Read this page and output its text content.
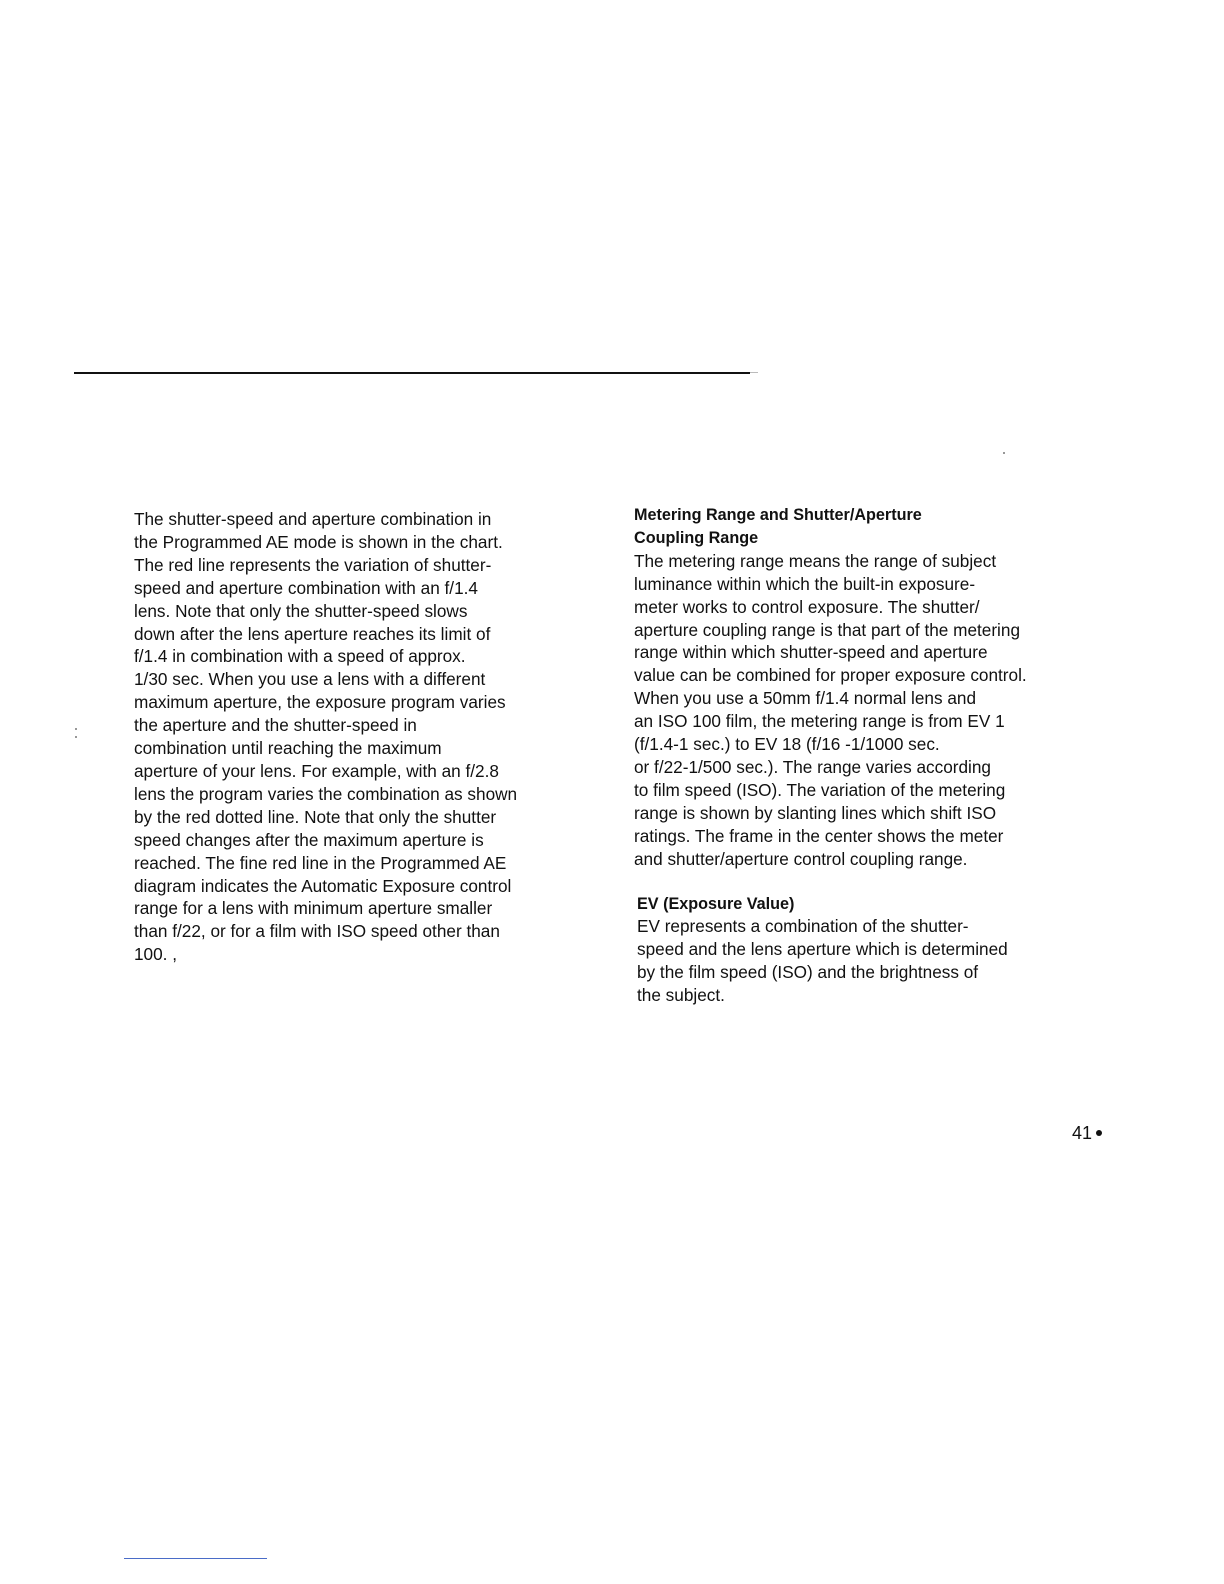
The shutter-speed and aperture combination in
the Programmed AE mode is shown in the chart.
The red line represents the variation of shutter-
speed and aperture combination with an f/1.4
lens. Note that only the shutter-speed slows
down after the lens aperture reaches its limit of
f/1.4 in combination with a speed of approx.
1/30 sec. When you use a lens with a different
maximum aperture, the exposure program varies
the aperture and the shutter-speed in
combination until reaching the maximum
aperture of your lens. For example, with an f/2.8
lens the program varies the combination as shown
by the red dotted line. Note that only the shutter
speed changes after the maximum aperture is
reached. The fine red line in the Programmed AE
diagram indicates the Automatic Exposure control
range for a lens with minimum aperture smaller
than f/22, or for a film with ISO speed other than
100. ,

Metering Range and Shutter/Aperture
Coupling Range

The metering range means the range of subject
luminance within which the built-in exposure-
meter works to control exposure. The shutter/
aperture coupling range is that part of the metering
range within which shutter-speed and aperture
value can be combined for proper exposure control.
When you use a 50mm f/1.4 normal lens and
an ISO 100 film, the metering range is from EV 1
(f/1.4-1 sec.) to EV 18 (f/16 -1/1000 sec.
or f/22-1/500 sec.). The range varies according
to film speed (ISO). The variation of the metering
range is shown by slanting lines which shift ISO
ratings. The frame in the center shows the meter
and shutter/aperture control coupling range.

EV (Exposure Value)

EV represents a combination of the shutter-
speed and the lens aperture which is determined
by the film speed (ISO) and the brightness of
the subject.

41
